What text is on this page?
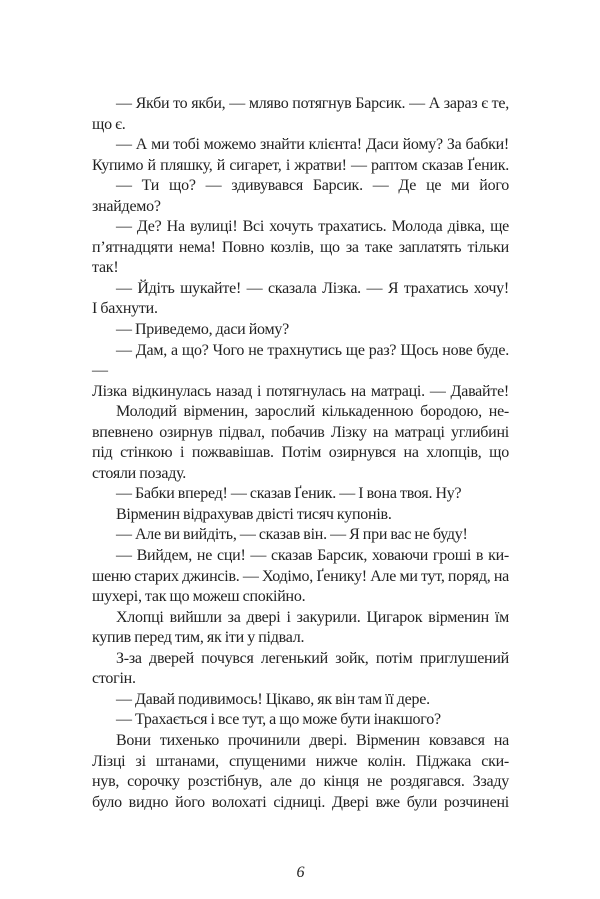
— Якби то якби, — мляво потягнув Барсик. — А зараз є те,
що є.
— А ми тобі можемо знайти клієнта! Даси йому? За бабки!
Купимо й пляшку, й сигарет, і жратви! — раптом сказав Ґеник.
— Ти що? — здивувався Барсик. — Де це ми його
знайдемо?
— Де? На вулиці! Всі хочуть трахатись. Молода дівка, ще
п’ятнадцяти нема! Повно козлів, що за таке заплатять тільки
так!
— Йдіть шукайте! — сказала Лізка. — Я трахатись хочу!
І бахнути.
— Приведемо, даси йому?
— Дам, а що? Чого не трахнутись ще раз? Щось нове буде. —
Лізка відкинулась назад і потягнулась на матраці. — Давайте!
Молодий вірменин, зарослий кількаденною бородою, не-
впевнено озирнув підвал, побачив Лізку на матраці углибині
під стінкою і пожвавішав. Потім озирнувся на хлопців, що
стояли позаду.
— Бабки вперед! — сказав Ґеник. — І вона твоя. Ну?
Вірменин відрахував двісті тисяч купонів.
— Але ви вийдіть, — сказав він. — Я при вас не буду!
— Вийдем, не сци! — сказав Барсик, ховаючи гроші в ки-
шеню старих джинсів. — Ходімо, Ґенику! Але ми тут, поряд, на
шухері, так що можеш спокійно.
Хлопці вийшли за двері і закурили. Цигарок вірменин їм
купив перед тим, як іти у підвал.
З-за дверей почувся легенький зойк, потім приглушений
стогін.
— Давай подивимось! Цікаво, як він там її дере.
— Трахається і все тут, а що може бути інакшого?
Вони тихенько прочинили двері. Вірменин ковзався на
Лізці зі штанами, спущеними нижче колін. Піджака ски-
нув, сорочку розстібнув, але до кінця не роздягався. Ззаду
було видно його волохаті сідниці. Двері вже були розчинені
6
